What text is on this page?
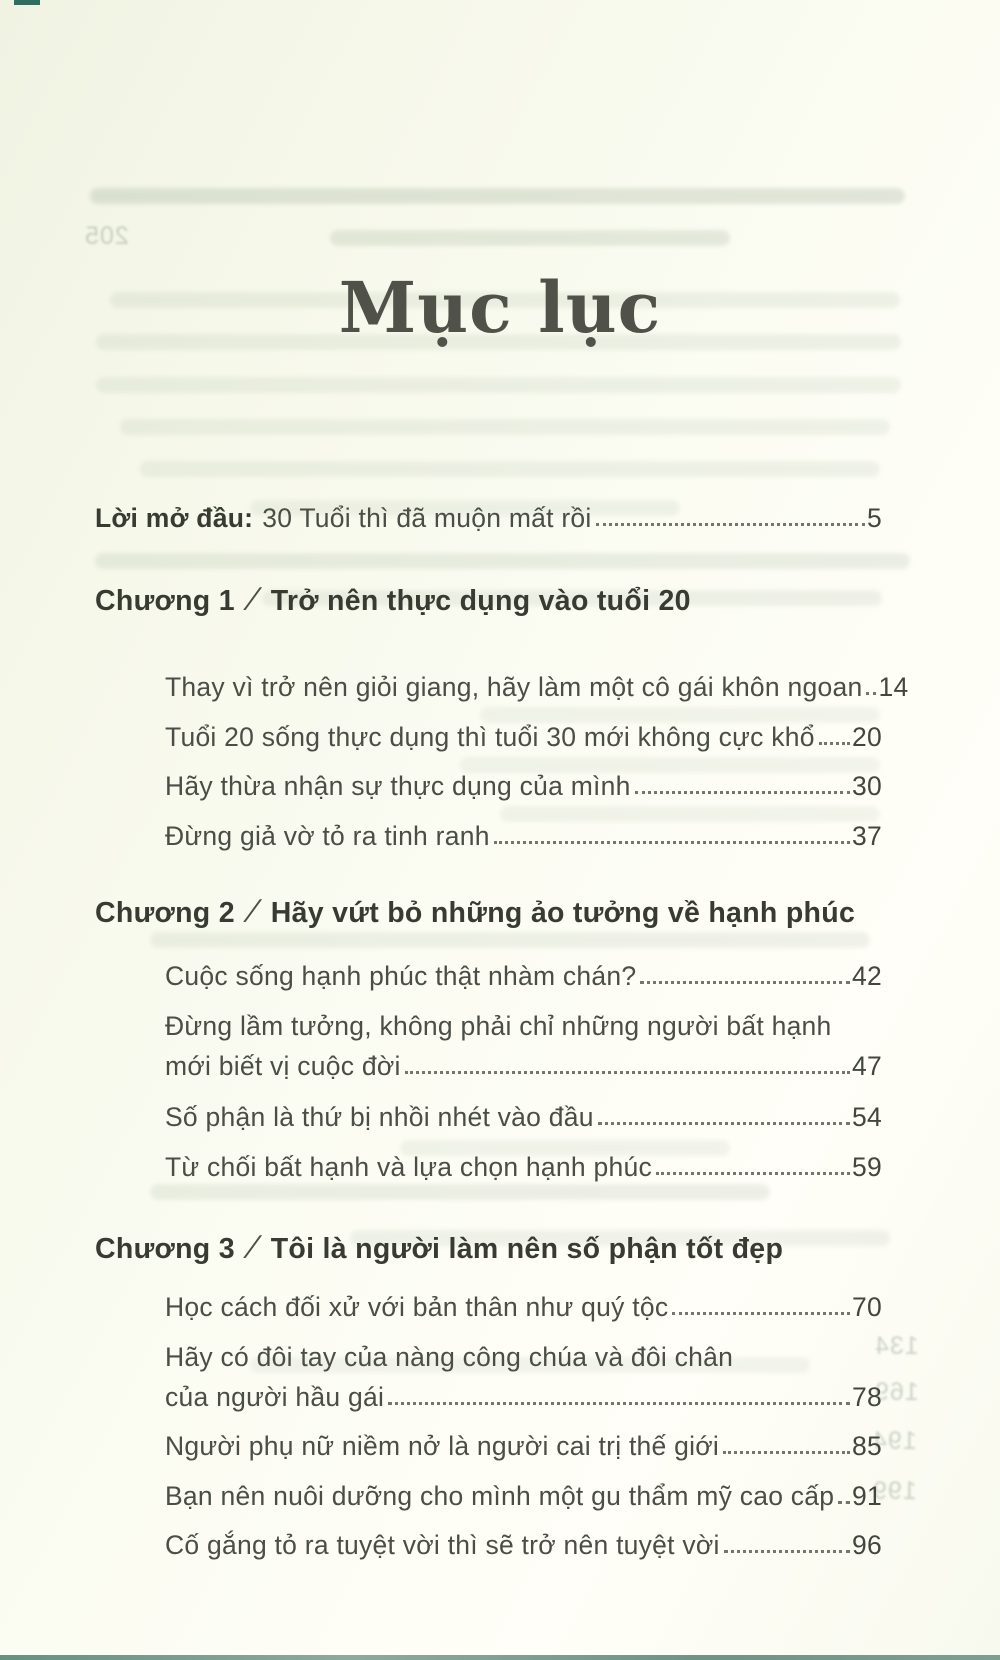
205
134
169
194
199
Mục lục
Lời mở đầu: 30 Tuổi thì đã muộn mất rồi	5
Chương 1 ∕ Trở nên thực dụng vào tuổi 20
Thay vì trở nên giỏi giang, hãy làm một cô gái khôn ngoan 14
Tuổi 20 sống thực dụng thì tuổi 30 mới không cực khổ 20
Hãy thừa nhận sự thực dụng của mình	30
Đừng giả vờ tỏ ra tinh ranh	37
Chương 2 ∕ Hãy vứt bỏ những ảo tưởng về hạnh phúc
Cuộc sống hạnh phúc thật nhàm chán?	42
Đừng lầm tưởng, không phải chỉ những người bất hạnh
mới biết vị cuộc đời	47
Số phận là thứ bị nhồi nhét vào đầu	54
Từ chối bất hạnh và lựa chọn hạnh phúc	59
Chương 3 ∕ Tôi là người làm nên số phận tốt đẹp
Học cách đối xử với bản thân như quý tộc	70
Hãy có đôi tay của nàng công chúa và đôi chân
của người hầu gái	78
Người phụ nữ niềm nở là người cai trị thế giới	85
Bạn nên nuôi dưỡng cho mình một gu thẩm mỹ cao cấp 91
Cố gắng tỏ ra tuyệt vời thì sẽ trở nên tuyệt vời	96
